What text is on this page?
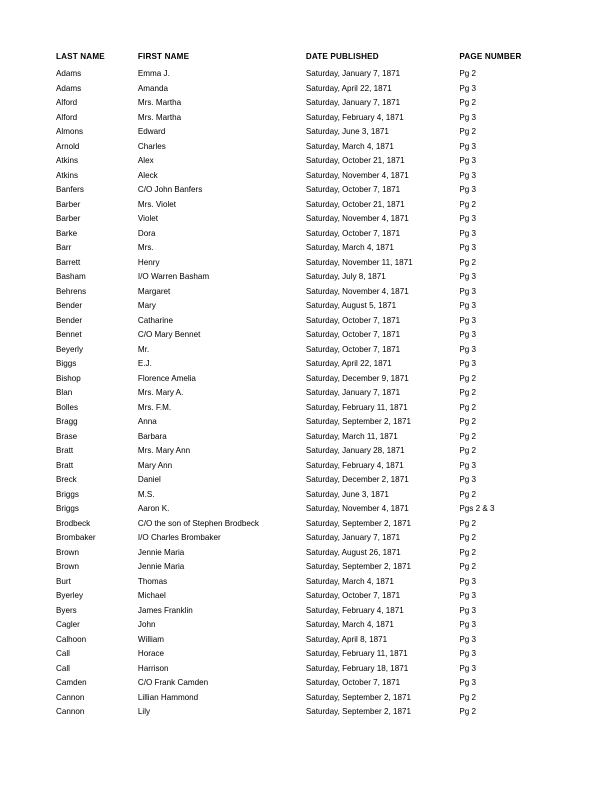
LAST NAME	FIRST NAME	DATE PUBLISHED	PAGE NUMBER
Adams	Emma J.	Saturday, January 7, 1871	Pg 2
Adams	Amanda	Saturday, April 22, 1871	Pg 3
Alford	Mrs. Martha	Saturday, January 7, 1871	Pg 2
Alford	Mrs. Martha	Saturday, February 4, 1871	Pg 3
Almons	Edward	Saturday, June 3, 1871	Pg 2
Arnold	Charles	Saturday, March 4, 1871	Pg 3
Atkins	Alex	Saturday, October 21, 1871	Pg 3
Atkins	Aleck	Saturday, November 4, 1871	Pg 3
Banfers	C/O John Banfers	Saturday, October 7, 1871	Pg 3
Barber	Mrs. Violet	Saturday, October 21, 1871	Pg 2
Barber	Violet	Saturday, November 4, 1871	Pg 3
Barke	Dora	Saturday, October 7, 1871	Pg 3
Barr	Mrs.	Saturday, March 4, 1871	Pg 3
Barrett	Henry	Saturday, November 11, 1871	Pg 2
Basham	I/O Warren Basham	Saturday, July 8, 1871	Pg 3
Behrens	Margaret	Saturday, November 4, 1871	Pg 3
Bender	Mary	Saturday, August 5, 1871	Pg 3
Bender	Catharine	Saturday, October 7, 1871	Pg 3
Bennet	C/O Mary Bennet	Saturday, October 7, 1871	Pg 3
Beyerly	Mr.	Saturday, October 7, 1871	Pg 3
Biggs	E.J.	Saturday, April 22, 1871	Pg 3
Bishop	Florence Amelia	Saturday, December 9, 1871	Pg 2
Blan	Mrs. Mary A.	Saturday, January 7, 1871	Pg 2
Bolles	Mrs. F.M.	Saturday, February 11, 1871	Pg 2
Bragg	Anna	Saturday, September 2, 1871	Pg 2
Brase	Barbara	Saturday, March 11, 1871	Pg 2
Bratt	Mrs. Mary Ann	Saturday, January 28, 1871	Pg 2
Bratt	Mary Ann	Saturday, February 4, 1871	Pg 3
Breck	Daniel	Saturday, December 2, 1871	Pg 3
Briggs	M.S.	Saturday, June 3, 1871	Pg 2
Briggs	Aaron K.	Saturday, November 4, 1871	Pgs 2 & 3
Brodbeck	C/O the son of Stephen Brodbeck	Saturday, September 2, 1871	Pg 2
Brombaker	I/O Charles Brombaker	Saturday, January 7, 1871	Pg 2
Brown	Jennie Maria	Saturday, August 26, 1871	Pg 2
Brown	Jennie Maria	Saturday, September 2, 1871	Pg 2
Burt	Thomas	Saturday, March 4, 1871	Pg 3
Byerley	Michael	Saturday, October 7, 1871	Pg 3
Byers	James Franklin	Saturday, February 4, 1871	Pg 3
Cagler	John	Saturday, March 4, 1871	Pg 3
Calhoon	William	Saturday, April 8, 1871	Pg 3
Call	Horace	Saturday, February 11, 1871	Pg 3
Call	Harrison	Saturday, February 18, 1871	Pg 3
Camden	C/O Frank Camden	Saturday, October 7, 1871	Pg 3
Cannon	Lillian Hammond	Saturday, September 2, 1871	Pg 2
Cannon	Lily	Saturday, September 2, 1871	Pg 2
